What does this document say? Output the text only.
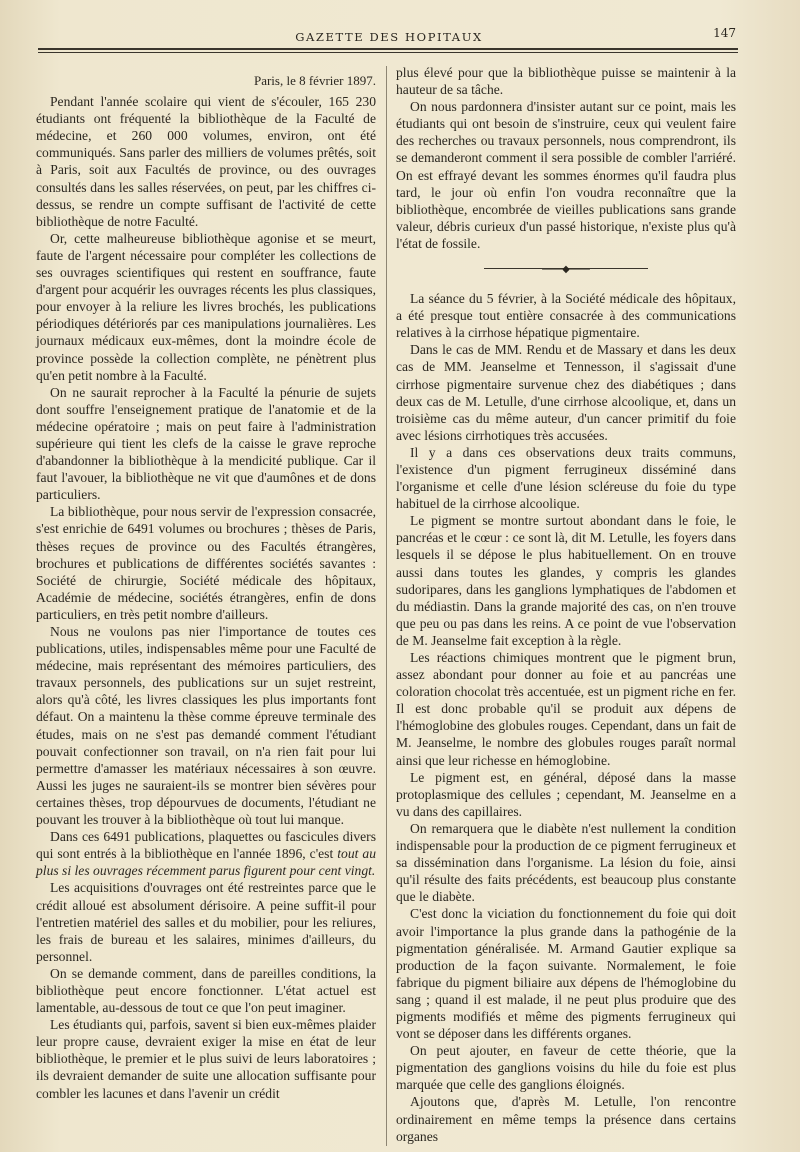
GAZETTE DES HOPITAUX	147
Paris, le 8 février 1897.

Pendant l'année scolaire qui vient de s'écouler, 165 230 étudiants ont fréquenté la bibliothèque de la Faculté de médecine, et 260 000 volumes, environ, ont été communiqués. Sans parler des milliers de volumes prêtés, soit à Paris, soit aux Facultés de province, ou des ouvrages consultés dans les salles réservées, on peut, par les chiffres ci-dessus, se rendre un compte suffisant de l'activité de cette bibliothèque de notre Faculté.

Or, cette malheureuse bibliothèque agonise et se meurt, faute de l'argent nécessaire pour compléter les collections de ses ouvrages scientifiques qui restent en souffrance, faute d'argent pour acquérir les ouvrages récents les plus classiques, pour envoyer à la reliure les livres brochés, les publications périodiques détériorés par ces manipulations journalières. Les journaux médicaux eux-mêmes, dont la moindre école de province possède la collection complète, ne pénètrent plus qu'en petit nombre à la Faculté.

On ne saurait reprocher à la Faculté la pénurie de sujets dont souffre l'enseignement pratique de l'anatomie et de la médecine opératoire ; mais on peut faire à l'administration supérieure qui tient les clefs de la caisse le grave reproche d'abandonner la bibliothèque à la mendicité publique. Car il faut l'avouer, la bibliothèque ne vit que d'aumônes et de dons particuliers.

La bibliothèque, pour nous servir de l'expression consacrée, s'est enrichie de 6491 volumes ou brochures ; thèses de Paris, thèses reçues de province ou des Facultés étrangères, brochures et publications de différentes sociétés savantes : Société de chirurgie, Société médicale des hôpitaux, Académie de médecine, sociétés étrangères, enfin de dons particuliers, en très petit nombre d'ailleurs.

Nous ne voulons pas nier l'importance de toutes ces publications, utiles, indispensables même pour une Faculté de médecine, mais représentant des mémoires particuliers, des travaux personnels, des publications sur un sujet restreint, alors qu'à côté, les livres classiques les plus importants font défaut. On a maintenu la thèse comme épreuve terminale des études, mais on ne s'est pas demandé comment l'étudiant pouvait confectionner son travail, on n'a rien fait pour lui permettre d'amasser les matériaux nécessaires à son œuvre. Aussi les juges ne sauraient-ils se montrer bien sévères pour certaines thèses, trop dépourvues de documents, l'étudiant ne pouvant les trouver à la bibliothèque où tout lui manque.

Dans ces 6491 publications, plaquettes ou fascicules divers qui sont entrés à la bibliothèque en l'année 1896, c'est tout au plus si les ouvrages récemment parus figurent pour cent vingt.

Les acquisitions d'ouvrages ont été restreintes parce que le crédit alloué est absolument dérisoire. A peine suffit-il pour l'entretien matériel des salles et du mobilier, pour les reliures, les frais de bureau et les salaires, minimes d'ailleurs, du personnel.

On se demande comment, dans de pareilles conditions, la bibliothèque peut encore fonctionner. L'état actuel est lamentable, au-dessous de tout ce que l'on peut imaginer.

Les étudiants qui, parfois, savent si bien eux-mêmes plaider leur propre cause, devraient exiger la mise en état de leur bibliothèque, le premier et le plus suivi de leurs laboratoires ; ils devraient demander de suite une allocation suffisante pour combler les lacunes et dans l'avenir un crédit

plus élevé pour que la bibliothèque puisse se maintenir à la hauteur de sa tâche.

On nous pardonnera d'insister autant sur ce point, mais les étudiants qui ont besoin de s'instruire, ceux qui veulent faire des recherches ou travaux personnels, nous comprendront, ils se demanderont comment il sera possible de combler l'arriéré. On est effrayé devant les sommes énormes qu'il faudra plus tard, le jour où enfin l'on voudra reconnaître que la bibliothèque, encombrée de vieilles publications sans grande valeur, débris curieux d'un passé historique, n'existe plus qu'à l'état de fossile.

——◆——

La séance du 5 février, à la Société médicale des hôpitaux, a été presque tout entière consacrée à des communications relatives à la cirrhose hépatique pigmentaire.

Dans le cas de MM. Rendu et de Massary et dans les deux cas de MM. Jeanselme et Tennesson, il s'agissait d'une cirrhose pigmentaire survenue chez des diabétiques ; dans deux cas de M. Letulle, d'une cirrhose alcoolique, et, dans un troisième cas du même auteur, d'un cancer primitif du foie avec lésions cirrhotiques très accusées.

Il y a dans ces observations deux traits communs, l'existence d'un pigment ferrugineux disséminé dans l'organisme et celle d'une lésion scléreuse du foie du type habituel de la cirrhose alcoolique.

Le pigment se montre surtout abondant dans le foie, le pancréas et le cœur : ce sont là, dit M. Letulle, les foyers dans lesquels il se dépose le plus habituellement. On en trouve aussi dans toutes les glandes, y compris les glandes sudoripares, dans les ganglions lymphatiques de l'abdomen et du médiastin. Dans la grande majorité des cas, on n'en trouve que peu ou pas dans les reins. A ce point de vue l'observation de M. Jeanselme fait exception à la règle.

Les réactions chimiques montrent que le pigment brun, assez abondant pour donner au foie et au pancréas une coloration chocolat très accentuée, est un pigment riche en fer. Il est donc probable qu'il se produit aux dépens de l'hémoglobine des globules rouges. Cependant, dans un fait de M. Jeanselme, le nombre des globules rouges paraît normal ainsi que leur richesse en hémoglobine.

Le pigment est, en général, déposé dans la masse protoplasmique des cellules ; cependant, M. Jeanselme en a vu dans des capillaires.

On remarquera que le diabète n'est nullement la condition indispensable pour la production de ce pigment ferrugineux et sa dissémination dans l'organisme. La lésion du foie, ainsi qu'il résulte des faits précédents, est beaucoup plus constante que le diabète.

C'est donc la viciation du fonctionnement du foie qui doit avoir l'importance la plus grande dans la pathogénie de la pigmentation généralisée. M. Armand Gautier explique sa production de la façon suivante. Normalement, le foie fabrique du pigment biliaire aux dépens de l'hémoglobine du sang ; quand il est malade, il ne peut plus produire que des pigments modifiés et même des pigments ferrugineux qui vont se déposer dans les différents organes.

On peut ajouter, en faveur de cette théorie, que la pigmentation des ganglions voisins du hile du foie est plus marquée que celle des ganglions éloignés.

Ajoutons que, d'après M. Letulle, l'on rencontre ordinairement en même temps la présence dans certains organes
